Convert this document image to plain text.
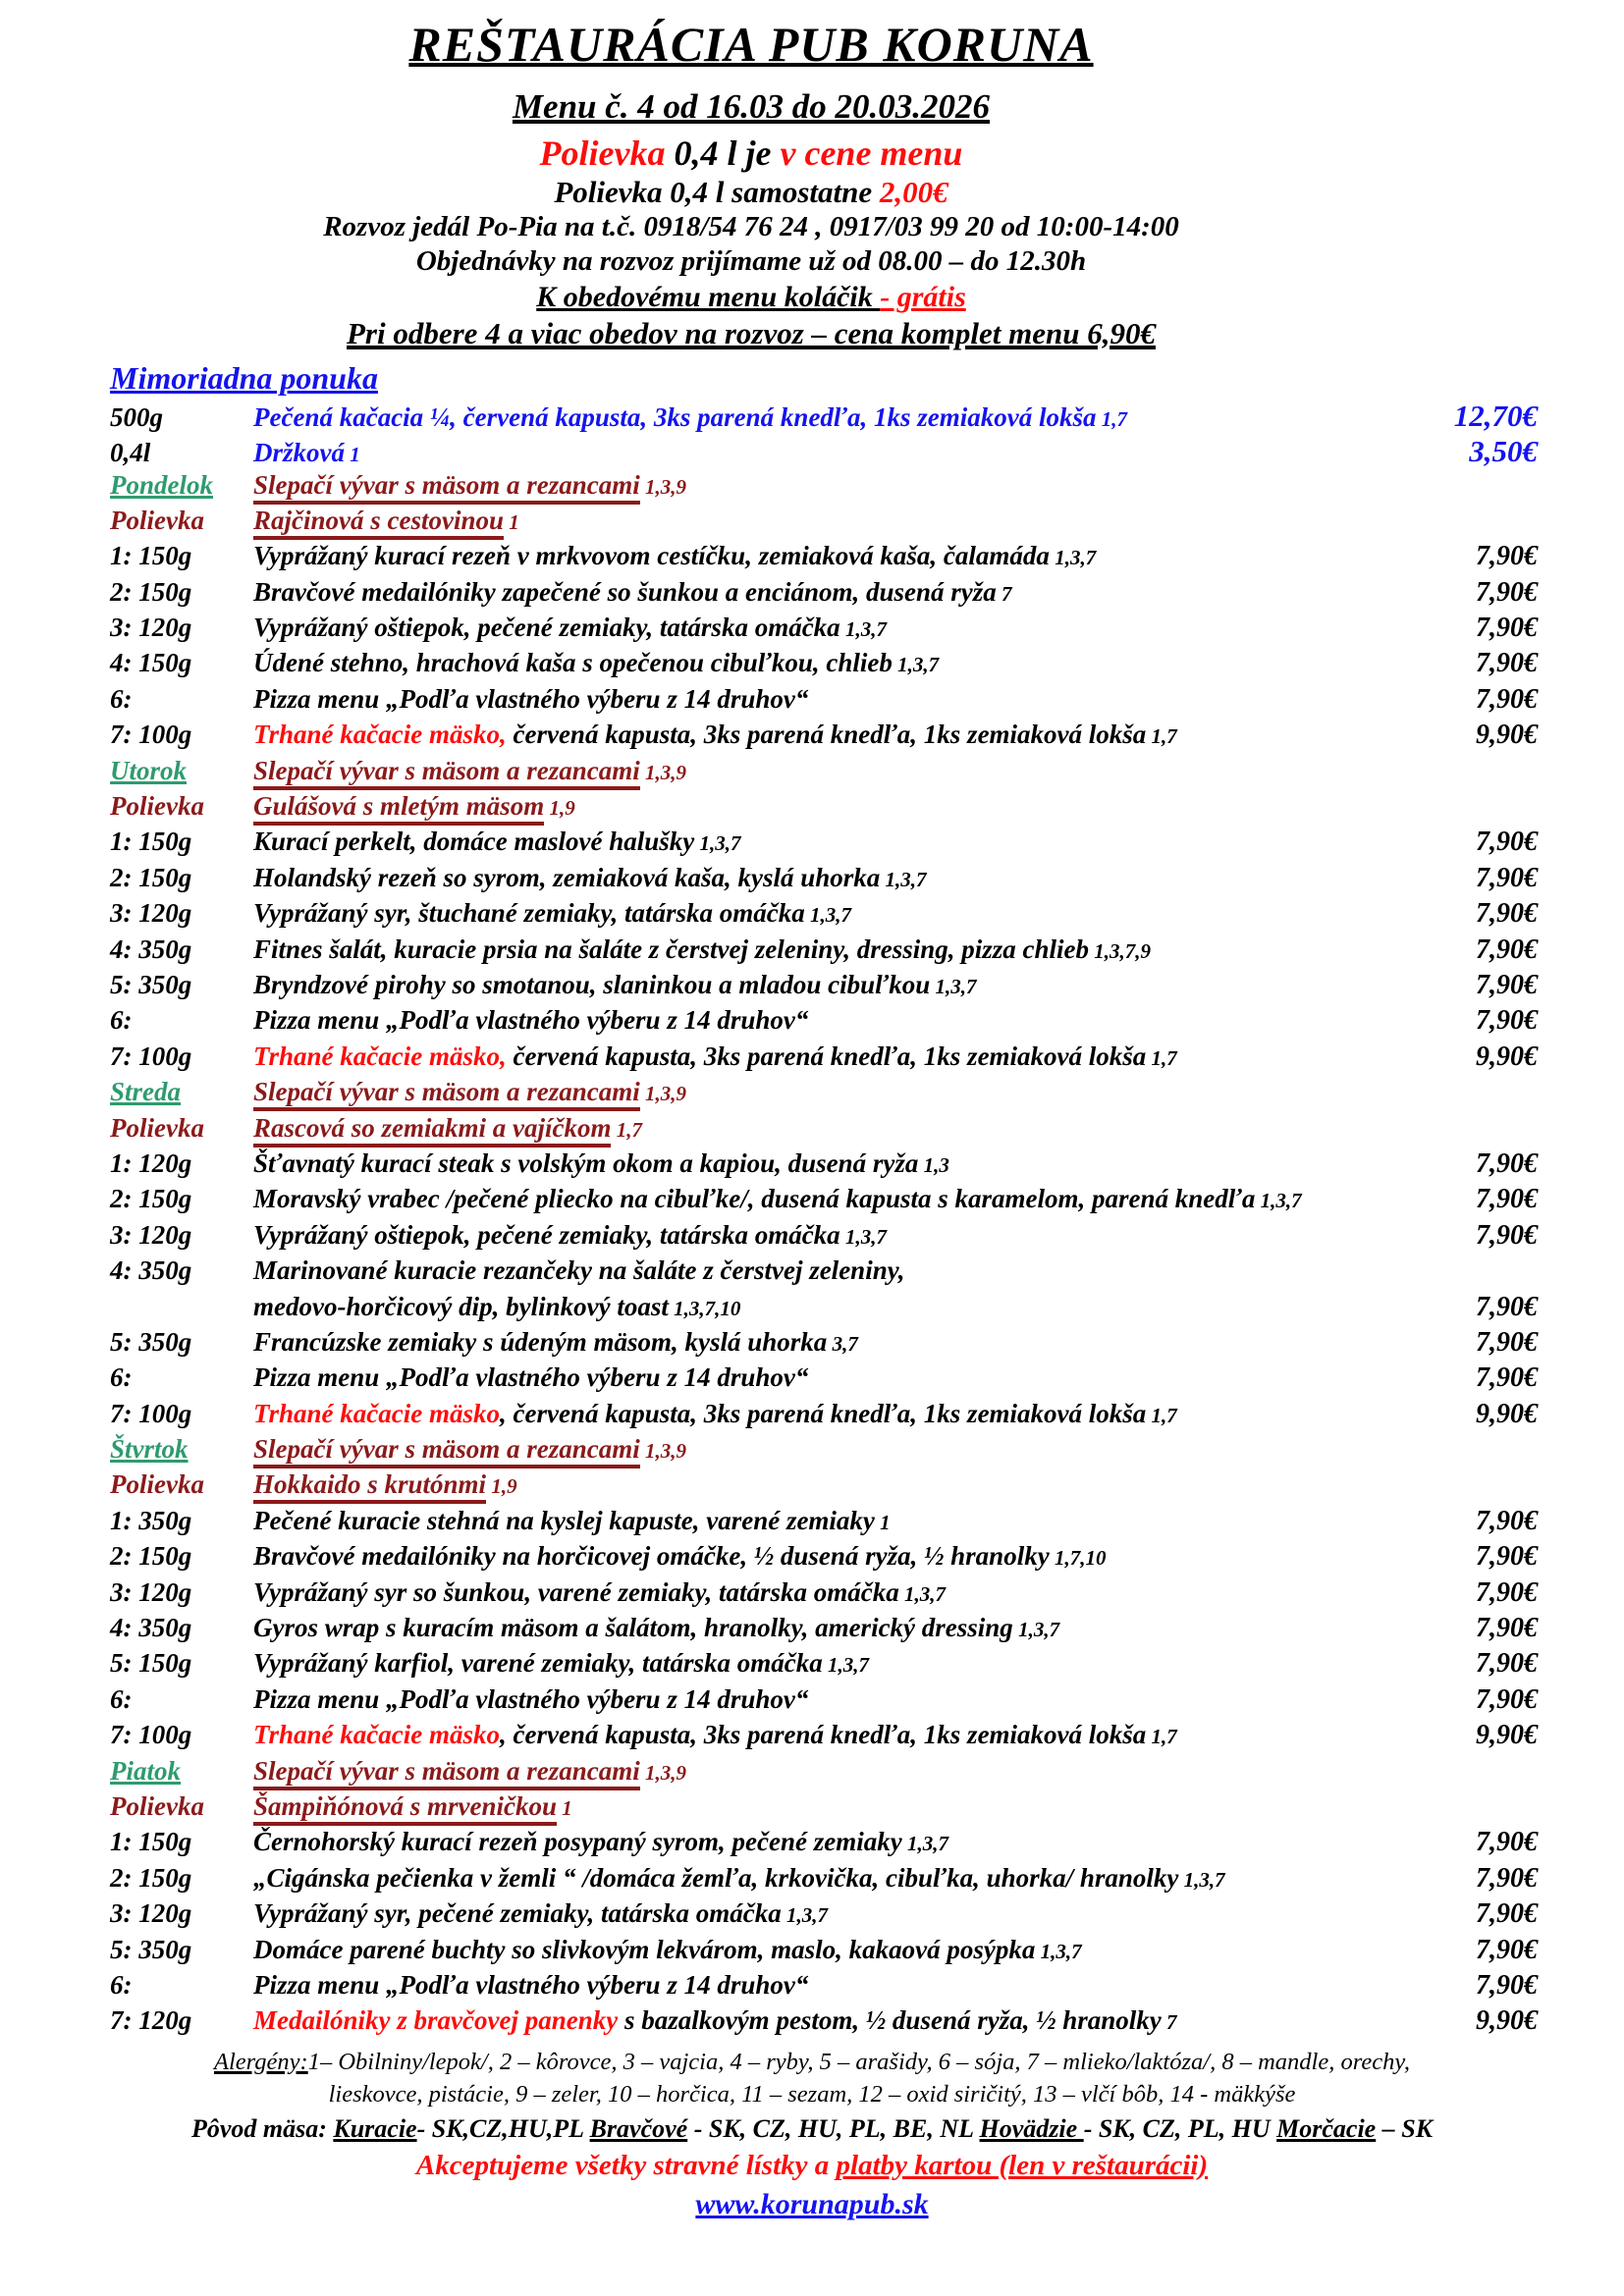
REŠTAURÁCIA PUB KORUNA
Menu č. 4 od 16.03 do 20.03.2026
Polievka 0,4 l je v cene menu
Polievka 0,4 l samostatne 2,00€
Rozvoz jedál Po-Pia na t.č. 0918/54 76 24 , 0917/03 99 20 od 10:00-14:00
Objednávky na rozvoz prijímame už od 08.00 – do 12.30h
K obedovému menu koláčik - grátis
Pri odbere 4 a viac obedov na rozvoz – cena komplet menu 6,90€
Mimoriadna ponuka
500g	Pečená kačacia ¼, červená kapusta, 3ks parená knedľa, 1ks zemiaková lokša 1,7	12,70€
0,4l	Držková 1	3,50€
Pondelok	Slepačí vývar s mäsom a rezancami 1,3,9
Polievka	Rajčinová s cestovinou 1
1: 150g	Vyprážaný kurací rezeň v mrkvovom cestíčku, zemiaková kaša, čalamáda 1,3,7	7,90€
2: 150g	Bravčové medailóniky zapečené so šunkou a enciánom, dusená ryža 7	7,90€
3: 120g	Vyprážaný oštiepok, pečené zemiaky, tatárska omáčka 1,3,7	7,90€
4: 150g	Údené stehno, hrachová kaša s opečenou cibuľkou, chlieb 1,3,7	7,90€
6:	Pizza menu „Podľa vlastného výberu z 14 druhov“	7,90€
7: 100g	Trhané kačacie mäsko, červená kapusta, 3ks parená knedľa, 1ks zemiaková lokša 1,7	9,90€
Utorok	Slepačí vývar s mäsom a rezancami 1,3,9
Polievka	Gulášová s mletým mäsom 1,9
1: 150g	Kurací perkelt, domáce maslové halušky 1,3,7	7,90€
2: 150g	Holandský rezeň so syrom, zemiaková kaša, kyslá uhorka 1,3,7	7,90€
3: 120g	Vyprážaný syr, štuchané zemiaky, tatárska omáčka 1,3,7	7,90€
4: 350g	Fitnes šalát, kuracie prsia na šaláte z čerstvej zeleniny, dressing, pizza chlieb 1,3,7,9	7,90€
5: 350g	Bryndzové pirohy so smotanou, slaninkou a mladou cibuľkou 1,3,7	7,90€
6:	Pizza menu „Podľa vlastného výberu z 14 druhov“	7,90€
7: 100g	Trhané kačacie mäsko, červená kapusta, 3ks parená knedľa, 1ks zemiaková lokša 1,7	9,90€
Streda	Slepačí vývar s mäsom a rezancami 1,3,9
Polievka	Rascová so zemiakmi a vajíčkom 1,7
1: 120g	Šťavnatý kurací steak s volským okom a kapiou, dusená ryža 1,3	7,90€
2: 150g	Moravský vrabec /pečené pliecko na cibuľke/, dusená kapusta s karamelom, parená knedľa 1,3,7	7,90€
3: 120g	Vyprážaný oštiepok, pečené zemiaky, tatárska omáčka 1,3,7	7,90€
4: 350g	Marinované kuracie rezančeky na šaláte z čerstvej zeleniny,
medovo-horčicový dip, bylinkový toast 1,3,7,10	7,90€
5: 350g	Francúzske zemiaky s údeným mäsom, kyslá uhorka 3,7	7,90€
6:	Pizza menu „Podľa vlastného výberu z 14 druhov“	7,90€
7: 100g	Trhané kačacie mäsko, červená kapusta, 3ks parená knedľa, 1ks zemiaková lokša 1,7	9,90€
Štvrtok	Slepačí vývar s mäsom a rezancami 1,3,9
Polievka	Hokkaido s krutónmi 1,9
1: 350g	Pečené kuracie stehná na kyslej kapuste, varené zemiaky 1	7,90€
2: 150g	Bravčové medailóniky na horčicovej omáčke, ½ dusená ryža, ½ hranolky 1,7,10	7,90€
3: 120g	Vyprážaný syr so šunkou, varené zemiaky, tatárska omáčka 1,3,7	7,90€
4: 350g	Gyros wrap s kuracím mäsom a šalátom, hranolky, americký dressing 1,3,7	7,90€
5: 150g	Vyprážaný karfiol, varené zemiaky, tatárska omáčka 1,3,7	7,90€
6:	Pizza menu „Podľa vlastného výberu z 14 druhov“	7,90€
7: 100g	Trhané kačacie mäsko, červená kapusta, 3ks parená knedľa, 1ks zemiaková lokša 1,7	9,90€
Piatok	Slepačí vývar s mäsom a rezancami 1,3,9
Polievka	Šampiňónová s mrveničkou 1
1: 150g	Černohorský kurací rezeň posypaný syrom, pečené zemiaky 1,3,7	7,90€
2: 150g	„Cigánska pečienka v žemli “ /domáca žemľa, krkovička, cibuľka, uhorka/ hranolky 1,3,7	7,90€
3: 120g	Vyprážaný syr, pečené zemiaky, tatárska omáčka 1,3,7	7,90€
5: 350g	Domáce parené buchty so slivkovým lekvárom, maslo, kakaová posýpka 1,3,7	7,90€
6:	Pizza menu „Podľa vlastného výberu z 14 druhov“	7,90€
7: 120g	Medailóniky z bravčovej panenky s bazalkovým pestom, ½ dusená ryža, ½ hranolky 7	9,90€
Alergény:1– Obilniny/lepok/, 2 – kôrovce, 3 – vajcia, 4 – ryby, 5 – arašidy, 6 – sója, 7 – mlieko/laktóza/, 8 – mandle, orechy,
lieskovce, pistácie, 9 – zeler, 10 – horčica, 11 – sezam, 12 – oxid siričitý, 13 – vlčí bôb, 14 - mäkkýše
Pôvod mäsa: Kuracie- SK,CZ,HU,PL Bravčové - SK, CZ, HU, PL, BE, NL Hovädzie - SK, CZ, PL, HU Morčacie – SK
Akceptujeme všetky stravné lístky a platby kartou (len v reštaurácii)
www.korunapub.sk
